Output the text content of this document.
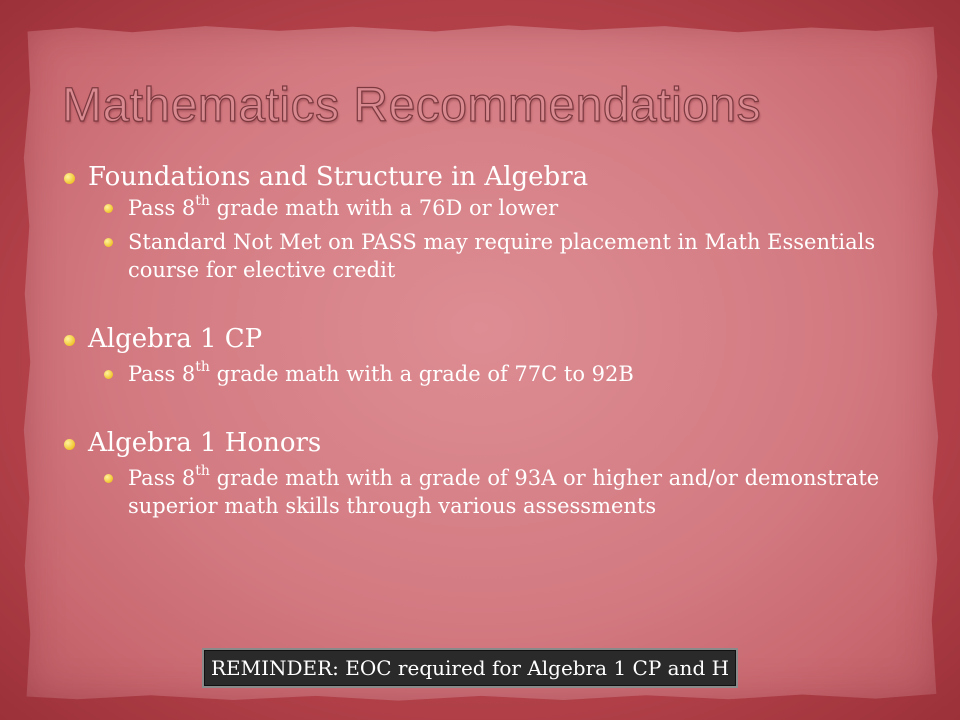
Mathematics Recommendations
Foundations and Structure in Algebra
Pass 8th grade math with a 76D or lower
Standard Not Met on PASS may require placement in Math Essentials course for elective credit
Algebra 1 CP
Pass 8th grade math with a grade of 77C to 92B
Algebra 1 Honors
Pass 8th grade math with a grade of 93A or higher and/or demonstrate superior math skills through various assessments
REMINDER: EOC required for Algebra 1 CP and H
